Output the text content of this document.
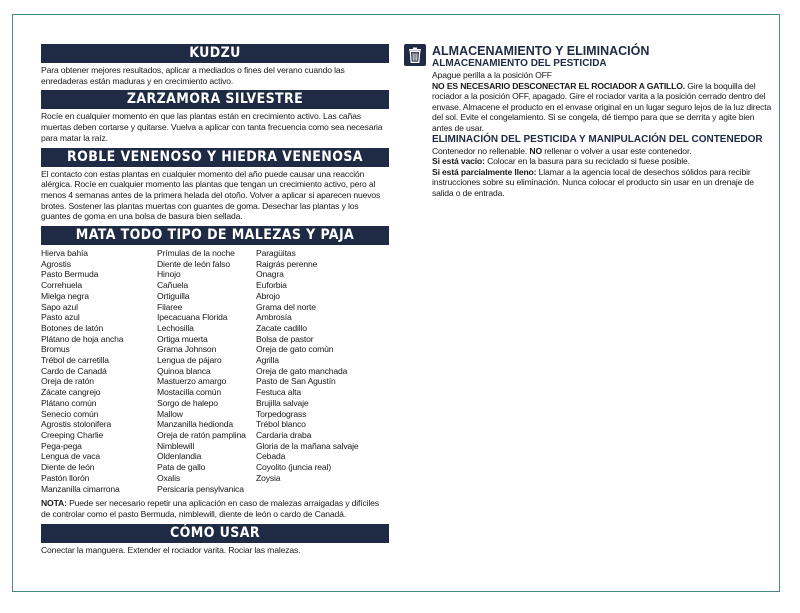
KUDZU
Para obtener mejores resultados, aplicar a mediados o fines del verano cuando las enredaderas están maduras y en crecimiento activo.
ZARZAMORA SILVESTRE
Rocíe en cualquier momento en que las plantas están en crecimiento activo. Las cañas muertas deben cortarse y quitarse. Vuelva a aplicar con tanta frecuencia como sea necesaria para matar la raíz.
ROBLE VENENOSO Y HIEDRA VENENOSA
El contacto con estas plantas en cualquier momento del año puede causar una reacción alérgica. Rocíe en cualquier momento las plantas que tengan un crecimiento activo, pero al menos 4 semanas antes de la primera helada del otoño. Volver a aplicar si aparecen nuevos brotes. Sostener las plantas muertas con guantes de goma. Desechar las plantas y los guantes de goma en una bolsa de basura bien sellada.
MATA TODO TIPO DE MALEZAS Y PAJA
Hierva bahía
Agrostis
Pasto Bermuda
Correhuela
Mielga negra
Sapo azul
Pasto azul
Botones de latón
Plátano de hoja ancha
Bromus
Trébol de carretilla
Cardo de Canadá
Oreja de ratón
Zácate cangrejo
Plátano común
Senecio común
Agrostis stolonifera
Creeping Charlie
Pega-pega
Lengua de vaca
Diente de león
Pastón llorón
Manzanilla cimarrona
Prímulas de la noche
Diente de león falso
Hinojo
Cañuela
Ortiguilla
Filaree
Ipecacuana Florida
Lechosilla
Ortiga muerta
Grama Johnson
Lengua de pájaro
Quinoa blanca
Mastuerzo amargo
Mostacilla común
Sorgo de halepo
Mallow
Manzanilla hedionda
Oreja de ratón pamplina
Nimblewill
Oldenlandia
Pata de gallo
Oxalis
Persicaria pensylvanica
Paragüitas
Raigrás perenne
Onagra
Euforbia
Abrojo
Grama del norte
Ambrosía
Zacate cadillo
Bolsa de pastor
Oreja de gato común
Agrilla
Oreja de gato manchada
Pasto de San Agustín
Festuca alta
Brujilla salvaje
Torpedograss
Trébol blanco
Cardaria draba
Gloria de la mañana salvaje
Cebada
Coyolito (juncia real)
Zoysia
NOTA: Puede ser necesario repetir una aplicación en caso de malezas arraigadas y difíciles de controlar como el pasto Bermuda, nimblewill, diente de león o cardo de Canadá.
CÓMO USAR
Conectar la manguera. Extender el rociador varita. Rociar las malezas.
ALMACENAMIENTO Y ELIMINACIÓN
ALMACENAMIENTO DEL PESTICIDA
Apague perilla a la posición OFF
NO ES NECESARIO DESCONECTAR EL ROCIADOR A GATILLO. Gire la boquilla del rociador a la posición OFF, apagado. Gire el rociador varita a la posición cerrado dentro del envase. Almacene el producto en el envase original en un lugar seguro lejos de la luz directa del sol. Evite el congelamiento. Si se congela, dé tiempo para que se derrita y agite bien antes de usar.
ELIMINACIÓN DEL PESTICIDA Y MANIPULACIÓN DEL CONTENEDOR
Contenedor no rellenable. NO rellenar o volver a usar este contenedor.
Si está vacío: Colocar en la basura para su reciclado si fuese posible.
Si está parcialmente lleno: Llamar a la agencia local de desechos sólidos para recibir instrucciones sobre su eliminación. Nunca colocar el producto sin usar en un drenaje de salida o de entrada.
